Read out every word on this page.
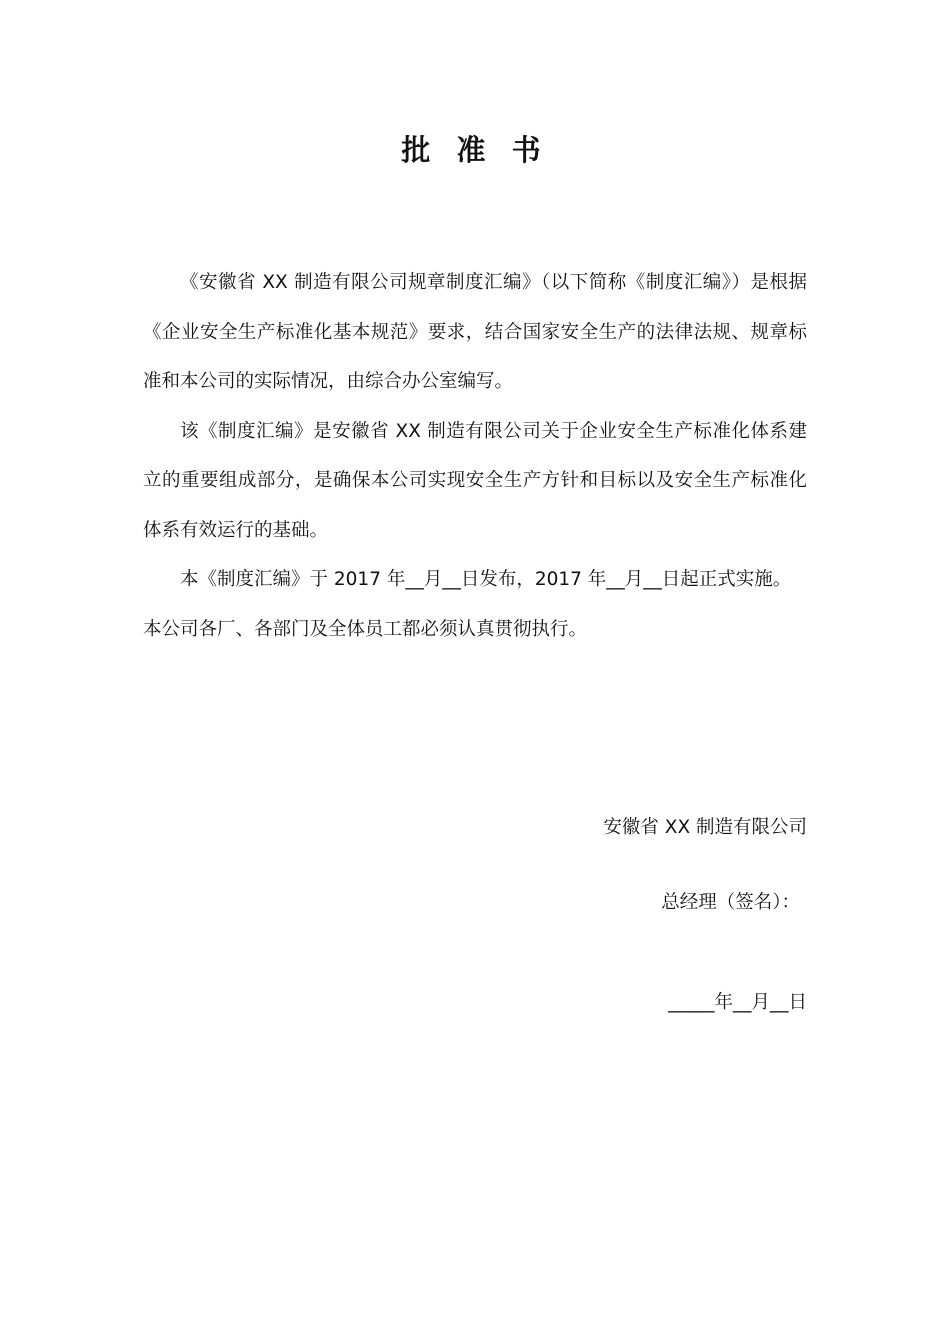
批 准 书

《安徽省 XX 制造有限公司规章制度汇编》（以下简称《制度汇编》）是根据《企业安全生产标准化基本规范》要求，结合国家安全生产的法律法规、规章标准和本公司的实际情况，由综合办公室编写。

该《制度汇编》是安徽省 XX 制造有限公司关于企业安全生产标准化体系建立的重要组成部分，是确保本公司实现安全生产方针和目标以及安全生产标准化体系有效运行的基础。

本《制度汇编》于 2017 年__月__日发布，2017 年__月__日起正式实施。

本公司各厂、各部门及全体员工都必须认真贯彻执行。

安徽省 XX 制造有限公司
总经理（签名）：
_____年__月__日
